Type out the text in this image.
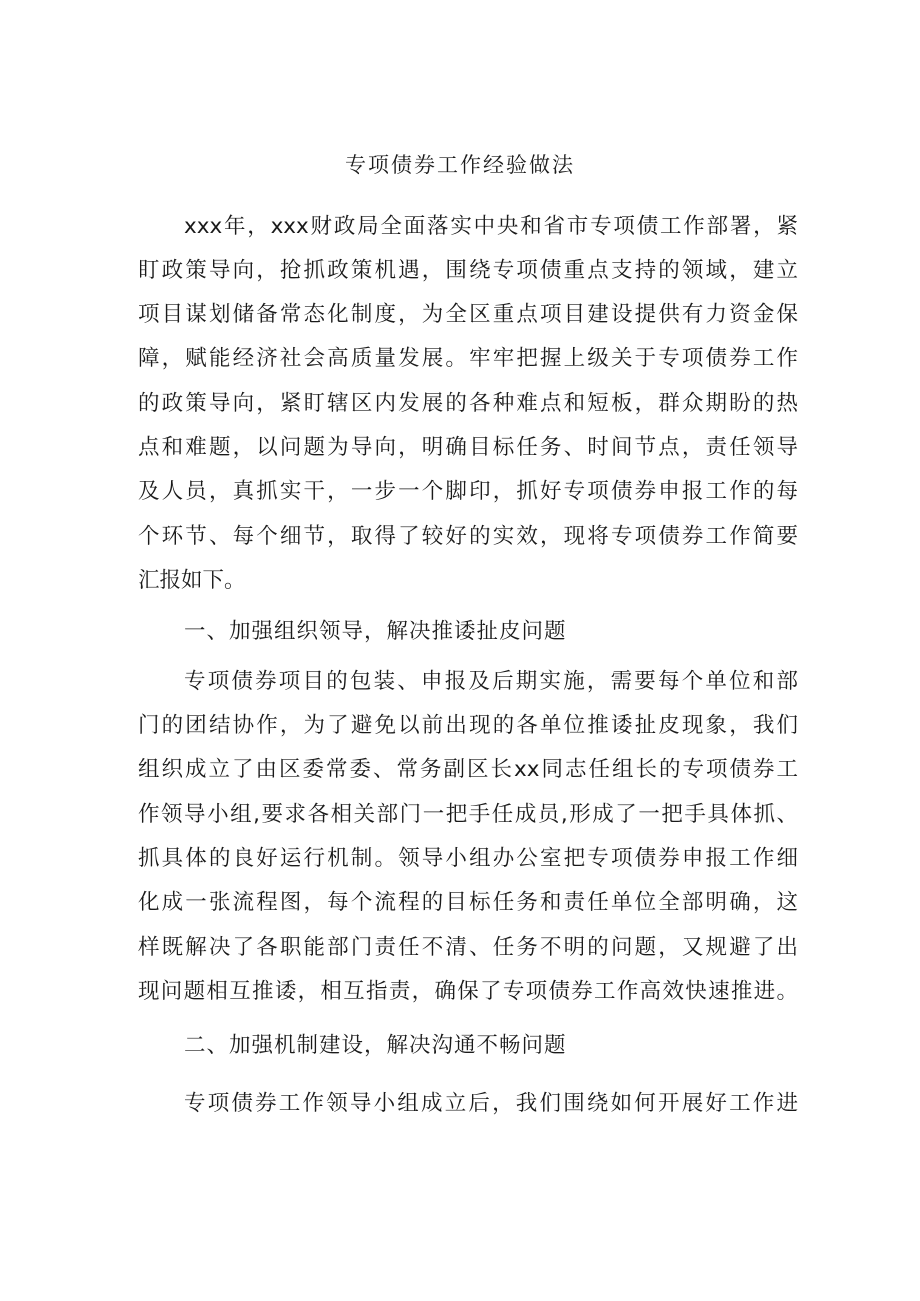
专项债券工作经验做法
xxx年，xxx财政局全面落实中央和省市专项债工作部署，紧
盯政策导向，抢抓政策机遇，围绕专项债重点支持的领域，建立
项目谋划储备常态化制度，为全区重点项目建设提供有力资金保
障，赋能经济社会高质量发展。牢牢把握上级关于专项债券工作
的政策导向，紧盯辖区内发展的各种难点和短板，群众期盼的热
点和难题，以问题为导向，明确目标任务、时间节点，责任领导
及人员，真抓实干，一步一个脚印，抓好专项债券申报工作的每
个环节、每个细节，取得了较好的实效，现将专项债券工作简要
汇报如下。
一、加强组织领导，解决推诿扯皮问题
专项债券项目的包装、申报及后期实施，需要每个单位和部
门的团结协作，为了避免以前出现的各单位推诿扯皮现象，我们
组织成立了由区委常委、常务副区长xx同志任组长的专项债券工
作领导小组,要求各相关部门一把手任成员,形成了一把手具体抓、
抓具体的良好运行机制。领导小组办公室把专项债券申报工作细
化成一张流程图，每个流程的目标任务和责任单位全部明确，这
样既解决了各职能部门责任不清、任务不明的问题，又规避了出
现问题相互推诿，相互指责，确保了专项债券工作高效快速推进。
二、加强机制建设，解决沟通不畅问题
专项债券工作领导小组成立后，我们围绕如何开展好工作进
